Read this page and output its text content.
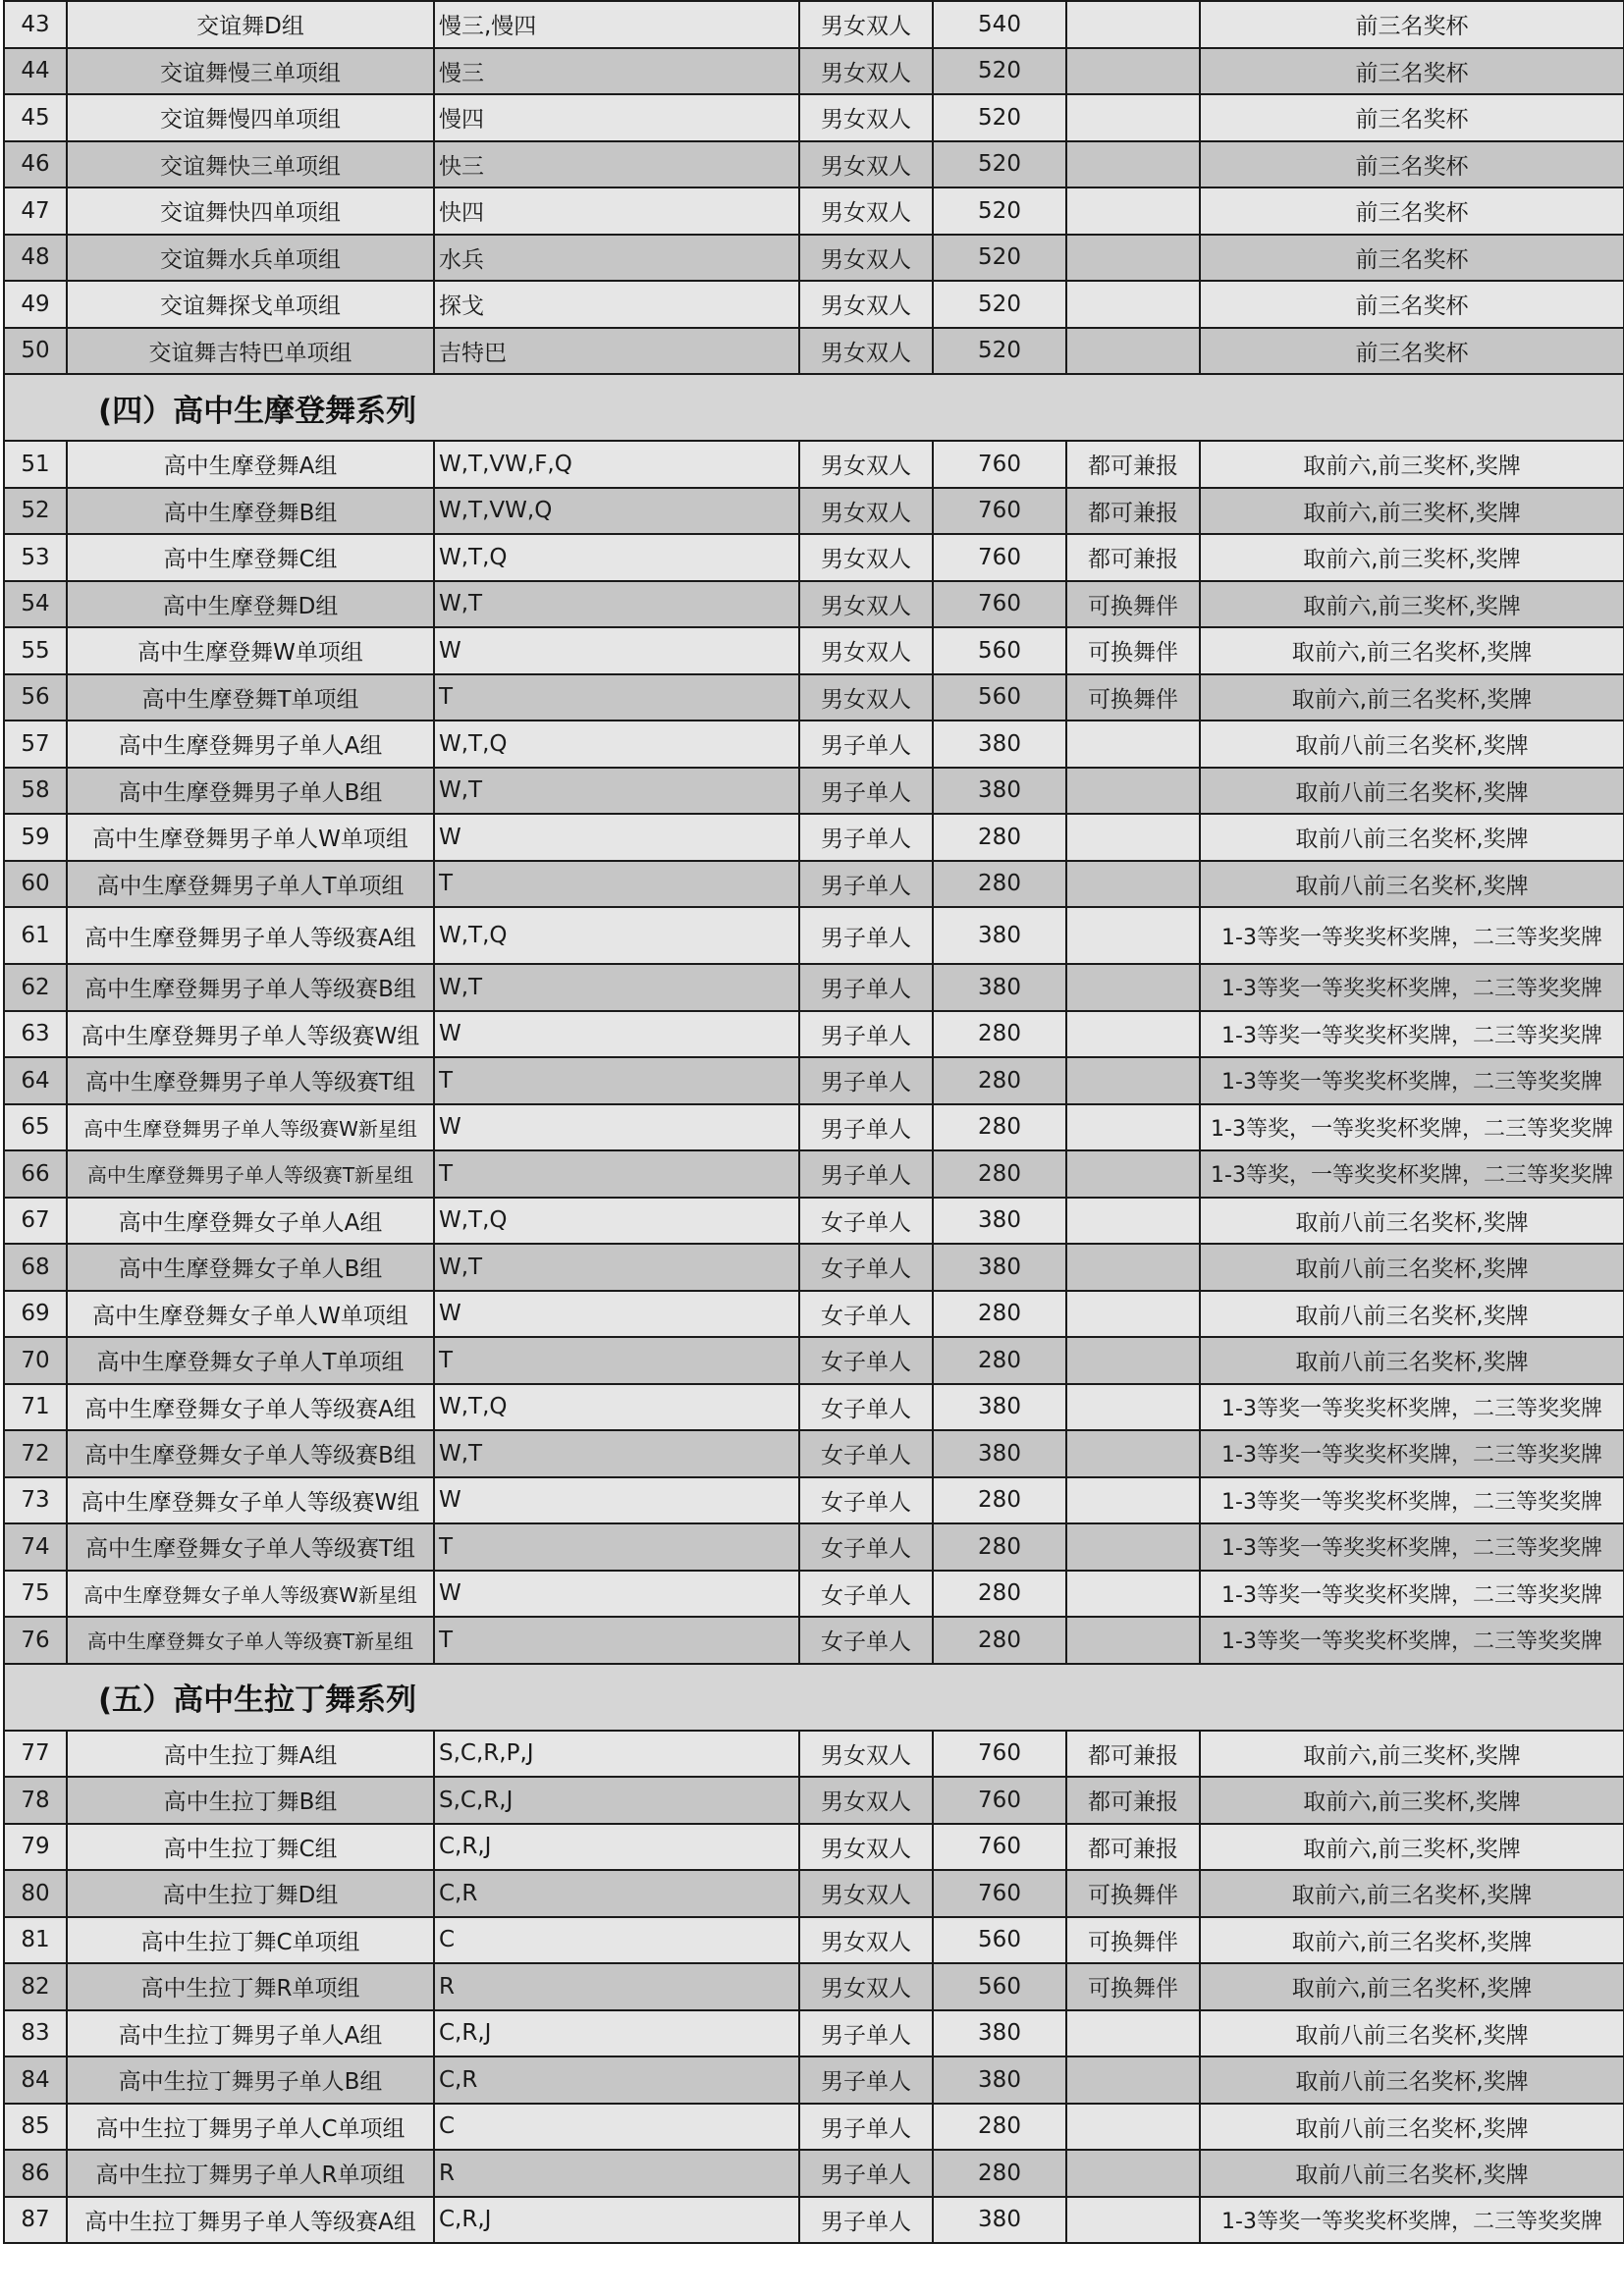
43	交谊舞D组	慢三,慢四	男女双人	540		前三名奖杯
44	交谊舞慢三单项组	慢三	男女双人	520		前三名奖杯
45	交谊舞慢四单项组	慢四	男女双人	520		前三名奖杯
46	交谊舞快三单项组	快三	男女双人	520		前三名奖杯
47	交谊舞快四单项组	快四	男女双人	520		前三名奖杯
48	交谊舞水兵单项组	水兵	男女双人	520		前三名奖杯
49	交谊舞探戈单项组	探戈	男女双人	520		前三名奖杯
50	交谊舞吉特巴单项组	吉特巴	男女双人	520		前三名奖杯
(四）高中生摩登舞系列						
51	高中生摩登舞A组	W,T,VW,F,Q	男女双人	760	都可兼报	取前六,前三奖杯,奖牌
52	高中生摩登舞B组	W,T,VW,Q	男女双人	760	都可兼报	取前六,前三奖杯,奖牌
53	高中生摩登舞C组	W,T,Q	男女双人	760	都可兼报	取前六,前三奖杯,奖牌
54	高中生摩登舞D组	W,T	男女双人	760	可换舞伴	取前六,前三奖杯,奖牌
55	高中生摩登舞W单项组	W	男女双人	560	可换舞伴	取前六,前三名奖杯,奖牌
56	高中生摩登舞T单项组	T	男女双人	560	可换舞伴	取前六,前三名奖杯,奖牌
57	高中生摩登舞男子单人A组	W,T,Q	男子单人	380		取前八前三名奖杯,奖牌
58	高中生摩登舞男子单人B组	W,T	男子单人	380		取前八前三名奖杯,奖牌
59	高中生摩登舞男子单人W单项组	W	男子单人	280		取前八前三名奖杯,奖牌
60	高中生摩登舞男子单人T单项组	T	男子单人	280		取前八前三名奖杯,奖牌
61	高中生摩登舞男子单人等级赛A组	W,T,Q	男子单人	380		1-3等奖一等奖奖杯奖牌，二三等奖奖牌
62	高中生摩登舞男子单人等级赛B组	W,T	男子单人	380		1-3等奖一等奖奖杯奖牌，二三等奖奖牌
63	高中生摩登舞男子单人等级赛W组	W	男子单人	280		1-3等奖一等奖奖杯奖牌，二三等奖奖牌
64	高中生摩登舞男子单人等级赛T组	T	男子单人	280		1-3等奖一等奖奖杯奖牌，二三等奖奖牌
65	高中生摩登舞男子单人等级赛W新星组	W	男子单人	280		1-3等奖，一等奖奖杯奖牌，二三等奖奖牌
66	高中生摩登舞男子单人等级赛T新星组	T	男子单人	280		1-3等奖，一等奖奖杯奖牌，二三等奖奖牌
67	高中生摩登舞女子单人A组	W,T,Q	女子单人	380		取前八前三名奖杯,奖牌
68	高中生摩登舞女子单人B组	W,T	女子单人	380		取前八前三名奖杯,奖牌
69	高中生摩登舞女子单人W单项组	W	女子单人	280		取前八前三名奖杯,奖牌
70	高中生摩登舞女子单人T单项组	T	女子单人	280		取前八前三名奖杯,奖牌
71	高中生摩登舞女子单人等级赛A组	W,T,Q	女子单人	380		1-3等奖一等奖奖杯奖牌，二三等奖奖牌
72	高中生摩登舞女子单人等级赛B组	W,T	女子单人	380		1-3等奖一等奖奖杯奖牌，二三等奖奖牌
73	高中生摩登舞女子单人等级赛W组	W	女子单人	280		1-3等奖一等奖奖杯奖牌，二三等奖奖牌
74	高中生摩登舞女子单人等级赛T组	T	女子单人	280		1-3等奖一等奖奖杯奖牌，二三等奖奖牌
75	高中生摩登舞女子单人等级赛W新星组	W	女子单人	280		1-3等奖一等奖奖杯奖牌，二三等奖奖牌
76	高中生摩登舞女子单人等级赛T新星组	T	女子单人	280		1-3等奖一等奖奖杯奖牌，二三等奖奖牌
(五）高中生拉丁舞系列						
77	高中生拉丁舞A组	S,C,R,P,J	男女双人	760	都可兼报	取前六,前三奖杯,奖牌
78	高中生拉丁舞B组	S,C,R,J	男女双人	760	都可兼报	取前六,前三奖杯,奖牌
79	高中生拉丁舞C组	C,R,J	男女双人	760	都可兼报	取前六,前三奖杯,奖牌
80	高中生拉丁舞D组	C,R	男女双人	760	可换舞伴	取前六,前三名奖杯,奖牌
81	高中生拉丁舞C单项组	C	男女双人	560	可换舞伴	取前六,前三名奖杯,奖牌
82	高中生拉丁舞R单项组	R	男女双人	560	可换舞伴	取前六,前三名奖杯,奖牌
83	高中生拉丁舞男子单人A组	C,R,J	男子单人	380		取前八前三名奖杯,奖牌
84	高中生拉丁舞男子单人B组	C,R	男子单人	380		取前八前三名奖杯,奖牌
85	高中生拉丁舞男子单人C单项组	C	男子单人	280		取前八前三名奖杯,奖牌
86	高中生拉丁舞男子单人R单项组	R	男子单人	280		取前八前三名奖杯,奖牌
87	高中生拉丁舞男子单人等级赛A组	C,R,J	男子单人	380		1-3等奖一等奖奖杯奖牌，二三等奖奖牌
